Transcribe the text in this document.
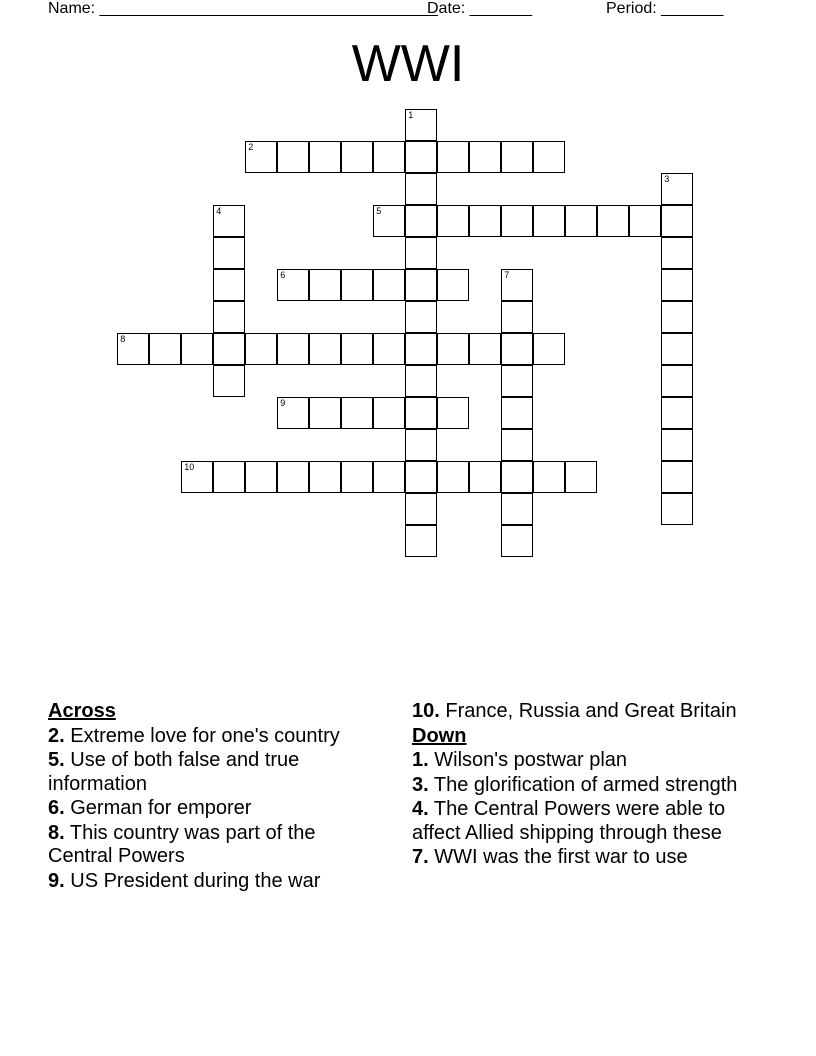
Name: ______________________________________
Date: _______	Period: _______
WWI
1
2
3
4	5
6	7
8
9
10
Across
2. Extreme love for one's country
5. Use of both false and true information
6. German for emporer
8. This country was part of the Central Powers
9. US President during the war
10. France, Russia and Great Britain
Down
1. Wilson's postwar plan
3. The glorification of armed strength
4. The Central Powers were able to affect Allied shipping through these
7. WWI was the first war to use
